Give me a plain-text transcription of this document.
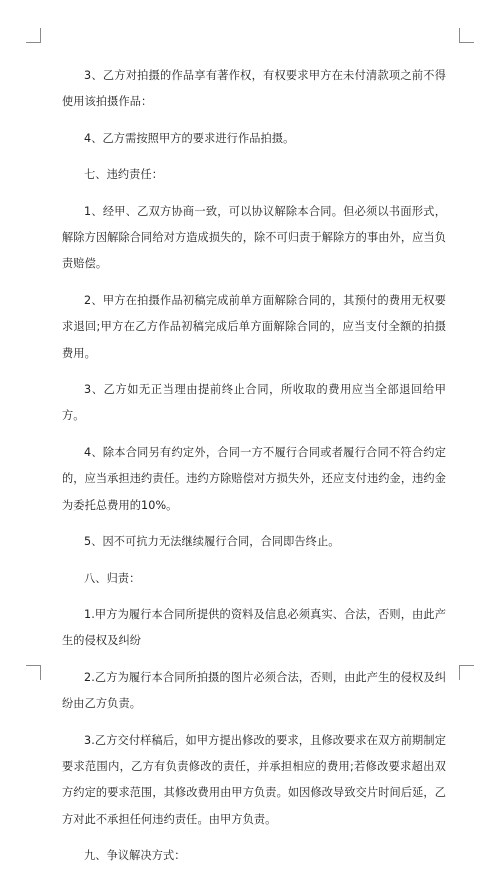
3、乙方对拍摄的作品享有著作权，有权要求甲方在未付清款项之前不得使用该拍摄作品：

4、乙方需按照甲方的要求进行作品拍摄。

七、违约责任：

1、经甲、乙双方协商一致，可以协议解除本合同。但必须以书面形式，解除方因解除合同给对方造成损失的，除不可归责于解除方的事由外，应当负责赔偿。

2、甲方在拍摄作品初稿完成前单方面解除合同的，其预付的费用无权要求退回;甲方在乙方作品初稿完成后单方面解除合同的，应当支付全额的拍摄费用。

3、乙方如无正当理由提前终止合同，所收取的费用应当全部退回给甲方。

4、除本合同另有约定外，合同一方不履行合同或者履行合同不符合约定的，应当承担违约责任。违约方除赔偿对方损失外，还应支付违约金，违约金为委托总费用的10%。

5、因不可抗力无法继续履行合同，合同即告终止。

八、归责：

1.甲方为履行本合同所提供的资料及信息必须真实、合法，否则，由此产生的侵权及纠纷

2.乙方为履行本合同所拍摄的图片必须合法，否则，由此产生的侵权及纠纷由乙方负责。

3.乙方交付样稿后，如甲方提出修改的要求，且修改要求在双方前期制定要求范围内，乙方有负责修改的责任，并承担相应的费用;若修改要求超出双方约定的要求范围，其修改费用由甲方负责。如因修改导致交片时间后延，乙方对此不承担任何违约责任。由甲方负责。

九、争议解决方式：
